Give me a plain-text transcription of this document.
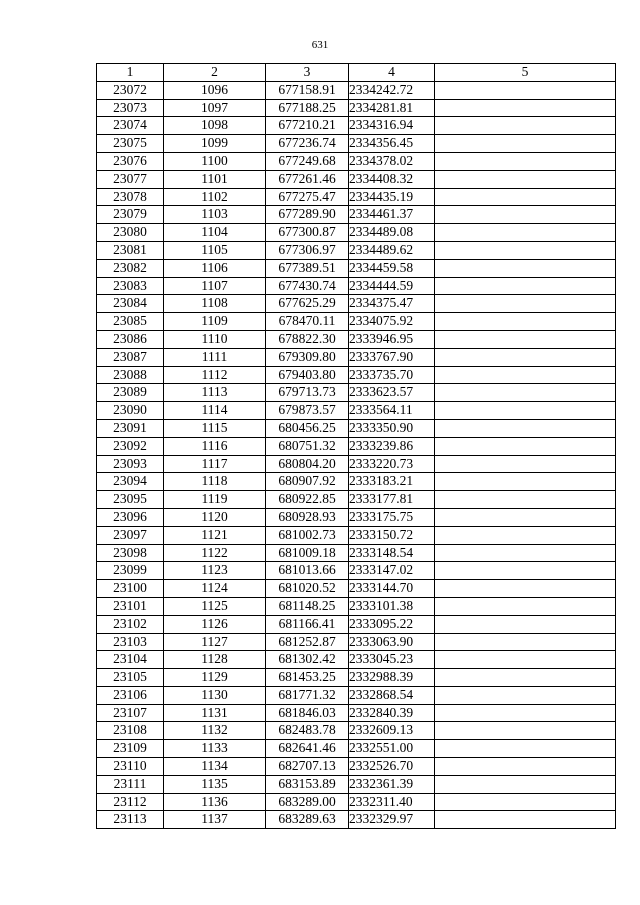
631
1	2	3	4	5
23072	1096	677158.91	2334242.72	
23073	1097	677188.25	2334281.81	
23074	1098	677210.21	2334316.94	
23075	1099	677236.74	2334356.45	
23076	1100	677249.68	2334378.02	
23077	1101	677261.46	2334408.32	
23078	1102	677275.47	2334435.19	
23079	1103	677289.90	2334461.37	
23080	1104	677300.87	2334489.08	
23081	1105	677306.97	2334489.62	
23082	1106	677389.51	2334459.58	
23083	1107	677430.74	2334444.59	
23084	1108	677625.29	2334375.47	
23085	1109	678470.11	2334075.92	
23086	1110	678822.30	2333946.95	
23087	1111	679309.80	2333767.90	
23088	1112	679403.80	2333735.70	
23089	1113	679713.73	2333623.57	
23090	1114	679873.57	2333564.11	
23091	1115	680456.25	2333350.90	
23092	1116	680751.32	2333239.86	
23093	1117	680804.20	2333220.73	
23094	1118	680907.92	2333183.21	
23095	1119	680922.85	2333177.81	
23096	1120	680928.93	2333175.75	
23097	1121	681002.73	2333150.72	
23098	1122	681009.18	2333148.54	
23099	1123	681013.66	2333147.02	
23100	1124	681020.52	2333144.70	
23101	1125	681148.25	2333101.38	
23102	1126	681166.41	2333095.22	
23103	1127	681252.87	2333063.90	
23104	1128	681302.42	2333045.23	
23105	1129	681453.25	2332988.39	
23106	1130	681771.32	2332868.54	
23107	1131	681846.03	2332840.39	
23108	1132	682483.78	2332609.13	
23109	1133	682641.46	2332551.00	
23110	1134	682707.13	2332526.70	
23111	1135	683153.89	2332361.39	
23112	1136	683289.00	2332311.40	
23113	1137	683289.63	2332329.97	
